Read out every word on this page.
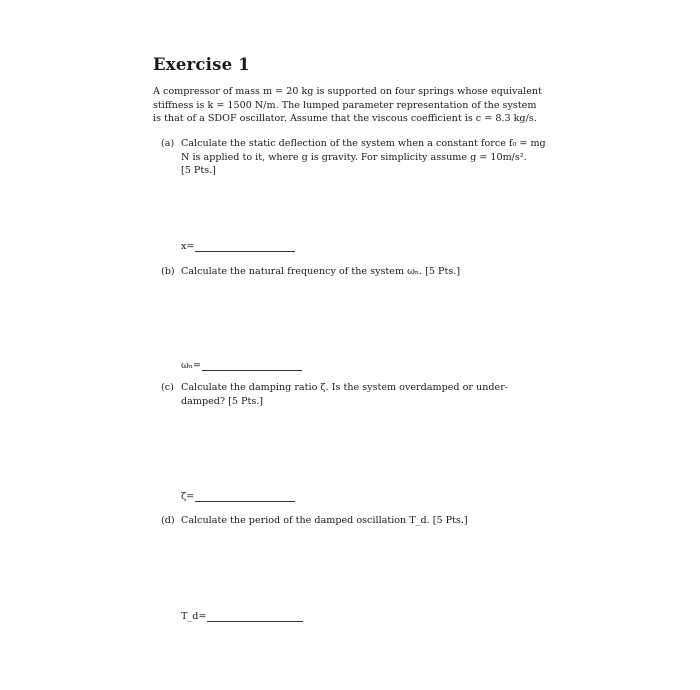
Exercise 1
A compressor of mass m = 20 kg is supported on four springs whose equivalent
stiffness is k = 1500 N/m. The lumped parameter representation of the system
is that of a SDOF oscillator. Assume that the viscous coefficient is c = 8.3 kg/s.
(a) Calculate the static deflection of the system when a constant force f₀ = mg
N is applied to it, where g is gravity. For simplicity assume g = 10m/s².
[5 Pts.]
x=
(b) Calculate the natural frequency of the system ωₙ. [5 Pts.]
ωₙ=
(c) Calculate the damping ratio ζ. Is the system overdamped or under-
damped? [5 Pts.]
ζ=
(d) Calculate the period of the damped oscillation T_d. [5 Pts.]
T_d=
